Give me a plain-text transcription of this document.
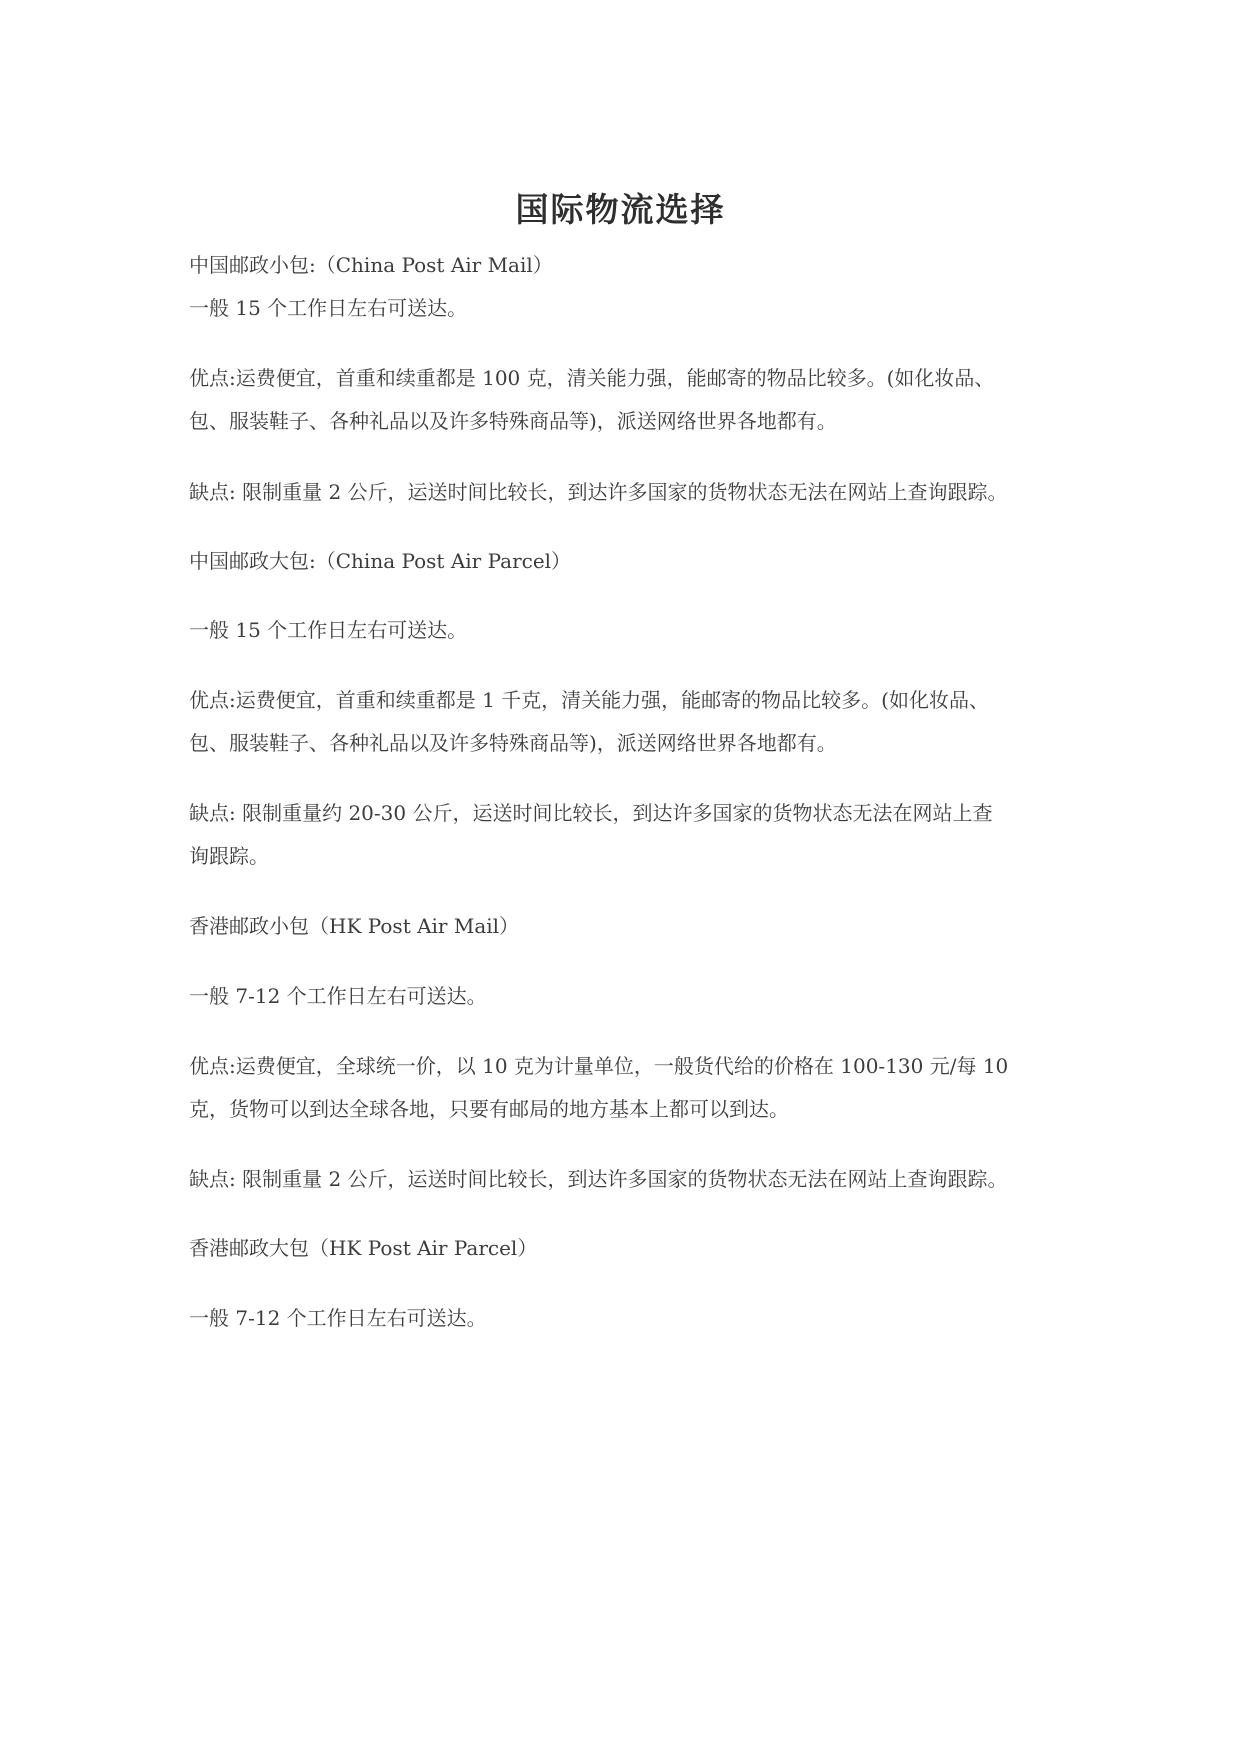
国际物流选择
中国邮政小包:（China Post Air Mail）
一般 15 个工作日左右可送达。
优点:运费便宜，首重和续重都是 100 克，清关能力强，能邮寄的物品比较多。(如化妆品、
包、服装鞋子、各种礼品以及许多特殊商品等)，派送网络世界各地都有。
缺点: 限制重量 2 公斤，运送时间比较长，到达许多国家的货物状态无法在网站上查询跟踪。
中国邮政大包:（China Post Air Parcel）
一般 15 个工作日左右可送达。
优点:运费便宜，首重和续重都是 1 千克，清关能力强，能邮寄的物品比较多。(如化妆品、
包、服装鞋子、各种礼品以及许多特殊商品等)，派送网络世界各地都有。
缺点: 限制重量约 20-30 公斤，运送时间比较长，到达许多国家的货物状态无法在网站上查
询跟踪。
香港邮政小包（HK Post Air Mail）
一般 7-12 个工作日左右可送达。
优点:运费便宜，全球统一价，以 10 克为计量单位，一般货代给的价格在 100-130 元/每 10
克，货物可以到达全球各地，只要有邮局的地方基本上都可以到达。
缺点: 限制重量 2 公斤，运送时间比较长，到达许多国家的货物状态无法在网站上查询跟踪。
香港邮政大包（HK Post Air Parcel）
一般 7-12 个工作日左右可送达。
